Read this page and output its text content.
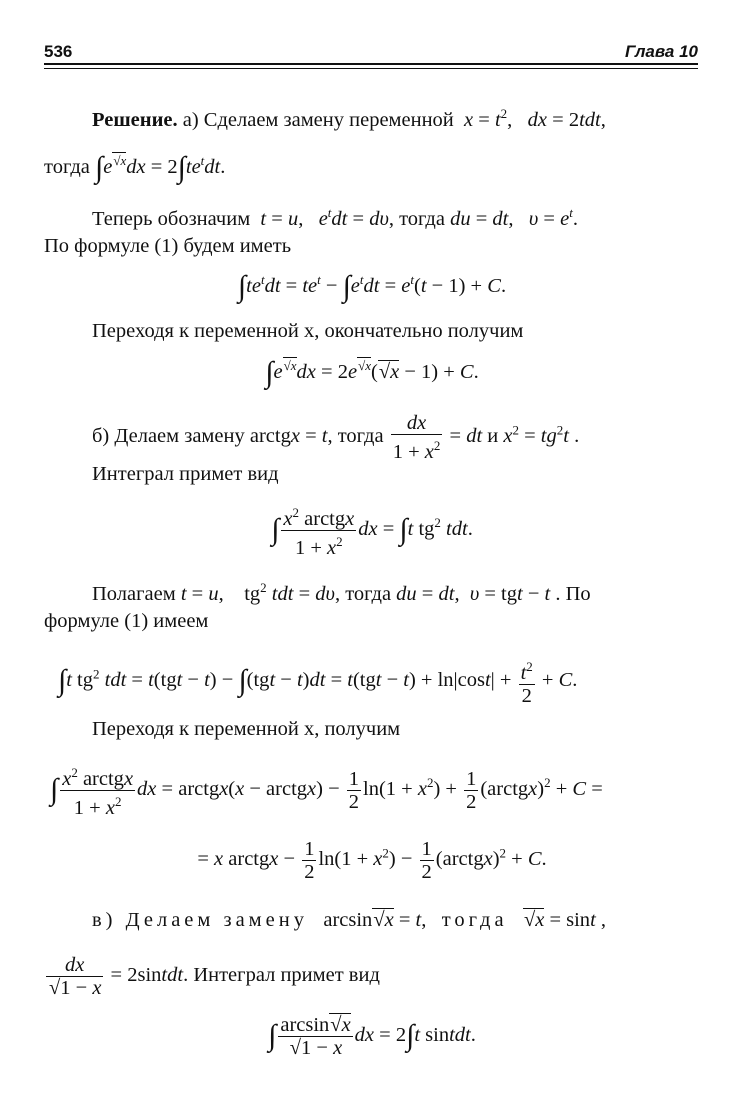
536	Глава 10
Решение. а) Сделаем замену переменной $x = t^2$,   dx = 2tdt,
тогда $\int e^{√x}dx = 2\int te^tdt$.
Теперь обозначим t = u,   $e^tdt = d\upsilon$, тогда du = dt,   $\upsilon = e^t$.
По формуле (1) будем иметь
$\int te^tdt = te^t - \int e^tdt = e^t(t - 1) + C$.
Переходя к переменной x, окончательно получим
$\int e^{√x}dx = 2e^{√x}(√x - 1) + C$.
б) Делаем замену arctgx = t, тогда $\frac{dx}{1 + x^2}$ = dt и $x^2 = tg^2t$ .
Интеграл примет вид
∫ $\frac{x^2 arctgx}{1 + x^2}$ dx = ∫t $tg^2$ tdt.
Полагаем t = u,    $tg^2$ tdt = dυ, тогда du = dt,  υ = tgt − t . По
формуле (1) имеем
∫t $tg^2$ tdt = $t(tgt - t) - \int(tgt - t)dt = t(tgt - t) + \ln|\cos t| + \frac{t^2}{2} + C$.
Переходя к переменной x, получим
∫ $\frac{x^2 arctgx}{1 + x^2}$ dx = arctgx(x − arctgx) − $\frac{1}{2} \ln(1 + x^2) + \frac{1}{2}$ (arctgx)$^2$ + C =
= x arctgx − $\frac{1}{2} \ln(1 + x^2) - \frac{1}{2}$ (arctgx)$^2$ + C.
в) Делаем замену   arcsin√x = t,   тогда √x = sint ,
$\frac{dx}{√1 - x}$ = 2sintdt. Интеграл примет вид
∫ $\frac{\arcsin√x}{√1 - x}$ dx = 2∫t sintdt.
